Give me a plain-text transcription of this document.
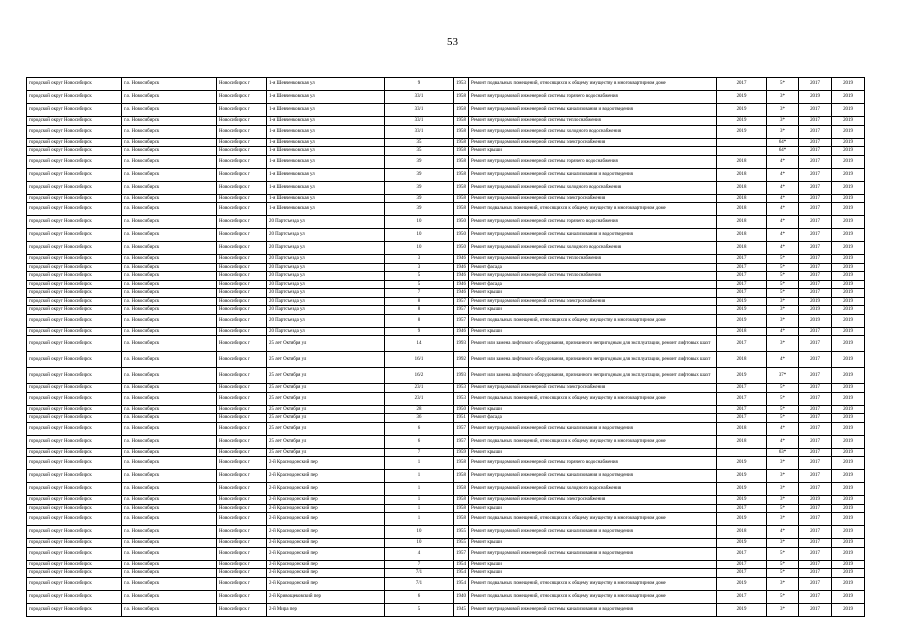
53
городской округ Новосибирск	г.о. Новосибирск	Новосибирск г	1-я Шевченковская ул	9	1953	Ремонт подвальных помещений, относящихся к общему имуществу в многоквартирном доме	2017	5*	2017	2019
городской округ Новосибирск	г.о. Новосибирск	Новосибирск г	1-я Шевченковская ул	33/1	1958	Ремонт внутридомовой инженерной системы горячего водоснабжения	2019	3*	2019	2019
городской округ Новосибирск	г.о. Новосибирск	Новосибирск г	1-я Шевченковская ул	33/1	1958	Ремонт внутридомовой инженерной системы канализования и водоотведения	2019	3*	2017	2019
городской округ Новосибирск	г.о. Новосибирск	Новосибирск г	1-я Шевченковская ул	33/1	1958	Ремонт внутридомовой инженерной системы теплоснабжения	2019	3*	2017	2019
городской округ Новосибирск	г.о. Новосибирск	Новосибирск г	1-я Шевченковская ул	33/1	1958	Ремонт внутридомовой инженерной системы холодного водоснабжения	2019	3*	2017	2019
городской округ Новосибирск	г.о. Новосибирск	Новосибирск г	1-я Шевченковская ул	35	1958	Ремонт внутридомовой инженерной системы электроснабжения		64*	2017	2019
городской округ Новосибирск	г.о. Новосибирск	Новосибирск г	1-я Шевченковская ул	35	1958	Ремонт крыши		64*	2017	2019
городской округ Новосибирск	г.о. Новосибирск	Новосибирск г	1-я Шевченковская ул	39	1958	Ремонт внутридомовой инженерной системы горячего водоснабжения	2018	4*	2017	2019
городской округ Новосибирск	г.о. Новосибирск	Новосибирск г	1-я Шевченковская ул	39	1958	Ремонт внутридомовой инженерной системы канализования и водоотведения	2018	4*	2017	2019
городской округ Новосибирск	г.о. Новосибирск	Новосибирск г	1-я Шевченковская ул	39	1958	Ремонт внутридомовой инженерной системы холодного водоснабжения	2018	4*	2017	2019
городской округ Новосибирск	г.о. Новосибирск	Новосибирск г	1-я Шевченковская ул	39	1958	Ремонт внутридомовой инженерной системы электроснабжения	2018	4*	2017	2019
городской округ Новосибирск	г.о. Новосибирск	Новосибирск г	1-я Шевченковская ул	39	1958	Ремонт подвальных помещений, относящихся к общему имуществу в многоквартирном доме	2018	4*	2017	2019
городской округ Новосибирск	г.о. Новосибирск	Новосибирск г	20 Партсъезда ул	10	1950	Ремонт внутридомовой инженерной системы горячего водоснабжения	2018	4*	2017	2019
городской округ Новосибирск	г.о. Новосибирск	Новосибирск г	20 Партсъезда ул	10	1950	Ремонт внутридомовой инженерной системы канализования и водоотведения	2018	4*	2017	2019
городской округ Новосибирск	г.о. Новосибирск	Новосибирск г	20 Партсъезда ул	10	1950	Ремонт внутридомовой инженерной системы холодного водоснабжения	2018	4*	2017	2019
городской округ Новосибирск	г.о. Новосибирск	Новосибирск г	20 Партсъезда ул	3	1946	Ремонт внутридомовой инженерной системы теплоснабжения	2017	5*	2017	2019
городской округ Новосибирск	г.о. Новосибирск	Новосибирск г	20 Партсъезда ул	3	1946	Ремонт фасада	2017	5*	2017	2019
городской округ Новосибирск	г.о. Новосибирск	Новосибирск г	20 Партсъезда ул	5	1946	Ремонт внутридомовой инженерной системы теплоснабжения	2017	5*	2017	2019
городской округ Новосибирск	г.о. Новосибирск	Новосибирск г	20 Партсъезда ул	5	1946	Ремонт фасада	2017	5*	2017	2019
городской округ Новосибирск	г.о. Новосибирск	Новосибирск г	20 Партсъезда ул	7	1946	Ремонт крыши	2017	5*	2017	2019
городской округ Новосибирск	г.о. Новосибирск	Новосибирск г	20 Партсъезда ул	8	1957	Ремонт внутридомовой инженерной системы электроснабжения	2019	3*	2019	2019
городской округ Новосибирск	г.о. Новосибирск	Новосибирск г	20 Партсъезда ул	8	1957	Ремонт крыши	2019	3*	2019	2019
городской округ Новосибирск	г.о. Новосибирск	Новосибирск г	20 Партсъезда ул	8	1957	Ремонт подвальных помещений, относящихся к общему имуществу в многоквартирном доме	2019	3*	2019	2019
городской округ Новосибирск	г.о. Новосибирск	Новосибирск г	20 Партсъезда ул	9	1946	Ремонт крыши	2018	4*	2017	2019
городской округ Новосибирск	г.о. Новосибирск	Новосибирск г	25 лет Октября ул	14	1993	Ремонт или замена лифтового оборудования, признанного непригодным для эксплуатации, ремонт лифтовых шахт	2017	3*	2017	2019
городской округ Новосибирск	г.о. Новосибирск	Новосибирск г	25 лет Октября ул	16/1	1992	Ремонт или замена лифтового оборудования, признанного непригодным для эксплуатации, ремонт лифтовых шахт	2018	4*	2017	2019
городской округ Новосибирск	г.о. Новосибирск	Новосибирск г	25 лет Октября ул	16/2	1993	Ремонт или замена лифтового оборудования, признанного непригодным для эксплуатации, ремонт лифтовых шахт	2019	37*	2017	2019
городской округ Новосибирск	г.о. Новосибирск	Новосибирск г	25 лет Октября ул	23/1	1953	Ремонт внутридомовой инженерной системы электроснабжения	2017	5*	2017	2019
городской округ Новосибирск	г.о. Новосибирск	Новосибирск г	25 лет Октября ул	23/1	1953	Ремонт подвальных помещений, относящихся к общему имуществу в многоквартирном доме	2017	5*	2017	2019
городской округ Новосибирск	г.о. Новосибирск	Новосибирск г	25 лет Октября ул	28	1950	Ремонт крыши	2017	5*	2017	2019
городской округ Новосибирск	г.о. Новосибирск	Новосибирск г	25 лет Октября ул	36	1951	Ремонт фасада	2017	5*	2017	2019
городской округ Новосибирск	г.о. Новосибирск	Новосибирск г	25 лет Октября ул	6	1957	Ремонт внутридомовой инженерной системы канализования и водоотведения	2018	4*	2017	2019
городской округ Новосибирск	г.о. Новосибирск	Новосибирск г	25 лет Октября ул	6	1957	Ремонт подвальных помещений, относящихся к общему имуществу в многоквартирном доме	2018	4*	2017	2019
городской округ Новосибирск	г.о. Новосибирск	Новосибирск г	25 лет Октября ул	7	1959	Ремонт крыши		63*	2017	2019
городской округ Новосибирск	г.о. Новосибирск	Новосибирск г	2-й Краснодонский пер	1	1958	Ремонт внутридомовой инженерной системы горячего водоснабжения	2019	3*	2017	2019
городской округ Новосибирск	г.о. Новосибирск	Новосибирск г	2-й Краснодонский пер	1	1958	Ремонт внутридомовой инженерной системы канализования и водоотведения	2019	3*	2017	2019
городской округ Новосибирск	г.о. Новосибирск	Новосибирск г	2-й Краснодонский пер	1	1958	Ремонт внутридомовой инженерной системы холодного водоснабжения	2019	3*	2017	2019
городской округ Новосибирск	г.о. Новосибирск	Новосибирск г	2-й Краснодонский пер	1	1958	Ремонт внутридомовой инженерной системы электроснабжения	2019	3*	2019	2019
городской округ Новосибирск	г.о. Новосибирск	Новосибирск г	2-й Краснодонский пер	1	1958	Ремонт крыши	2017	5*	2017	2019
городской округ Новосибирск	г.о. Новосибирск	Новосибирск г	2-й Краснодонский пер	1	1958	Ремонт подвальных помещений, относящихся к общему имуществу в многоквартирном доме	2019	3*	2017	2019
городской округ Новосибирск	г.о. Новосибирск	Новосибирск г	2-й Краснодонский пер	10	1955	Ремонт внутридомовой инженерной системы канализования и водоотведения	2018	4*	2017	2019
городской округ Новосибирск	г.о. Новосибирск	Новосибирск г	2-й Краснодонский пер	10	1955	Ремонт крыши	2019	3*	2017	2019
городской округ Новосибирск	г.о. Новосибирск	Новосибирск г	2-й Краснодонский пер	4	1957	Ремонт внутридомовой инженерной системы канализования и водоотведения	2017	5*	2017	2019
городской округ Новосибирск	г.о. Новосибирск	Новосибирск г	2-й Краснодонский пер	7	1954	Ремонт крыши	2017	5*	2017	2019
городской округ Новосибирск	г.о. Новосибирск	Новосибирск г	2-й Краснодонский пер	7/1	1954	Ремонт крыши	2017	5*	2017	2019
городской округ Новосибирск	г.о. Новосибирск	Новосибирск г	2-й Краснодонский пер	7/1	1954	Ремонт подвальных помещений, относящихся к общему имуществу в многоквартирном доме	2019	3*	2017	2019
городской округ Новосибирск	г.о. Новосибирск	Новосибирск г	2-й Кривощековский пер	6	1940	Ремонт подвальных помещений, относящихся к общему имуществу в многоквартирном доме	2017	5*	2017	2019
городской округ Новосибирск	г.о. Новосибирск	Новосибирск г	2-й Мира пер	5	1945	Ремонт внутридомовой инженерной системы канализования и водоотведения	2019	3*	2017	2019
